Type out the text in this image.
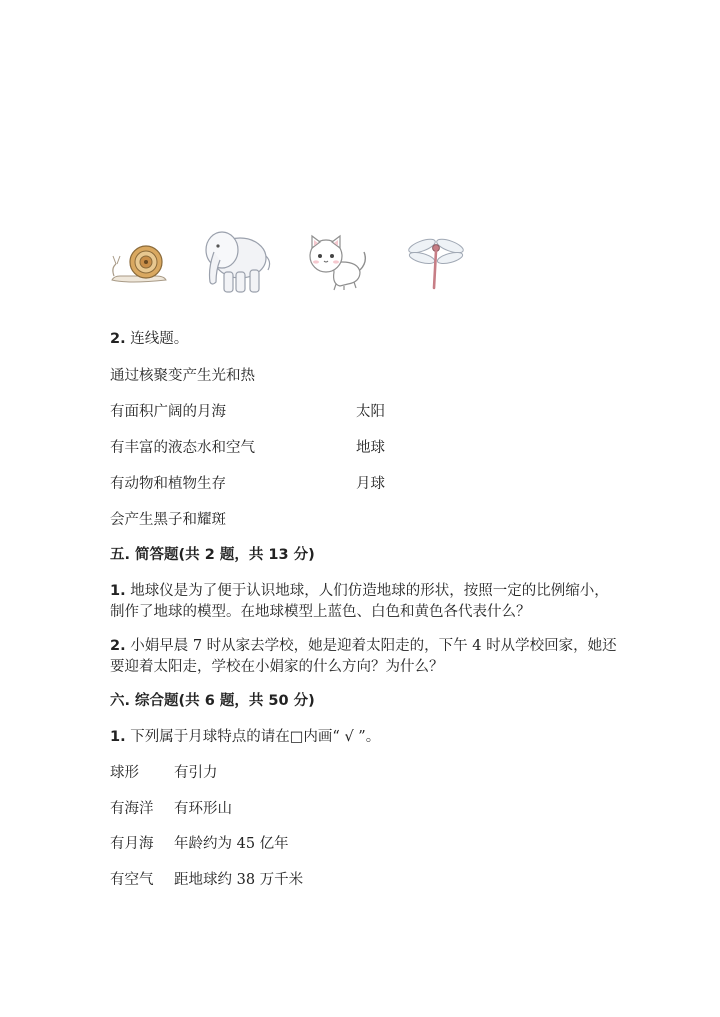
2. 连线题。
通过核聚变产生光和热
有面积广阔的月海	太阳
有丰富的液态水和空气	地球
有动物和植物生存	月球
会产生黑子和耀斑
五. 简答题(共 2 题，共 13 分)
1. 地球仪是为了便于认识地球，人们仿造地球的形状，按照一定的比例缩小，
制作了地球的模型。在地球模型上蓝色、白色和黄色各代表什么？
2. 小娟早晨 7 时从家去学校，她是迎着太阳走的，下午 4 时从学校回家，她还
要迎着太阳走，学校在小娟家的什么方向？为什么？
六. 综合题(共 6 题，共 50 分)
1. 下列属于月球特点的请在□内画“ √ ”。
球形 有引力
有海洋 有环形山
有月海 年龄约为 45 亿年
有空气 距地球约 38 万千米
